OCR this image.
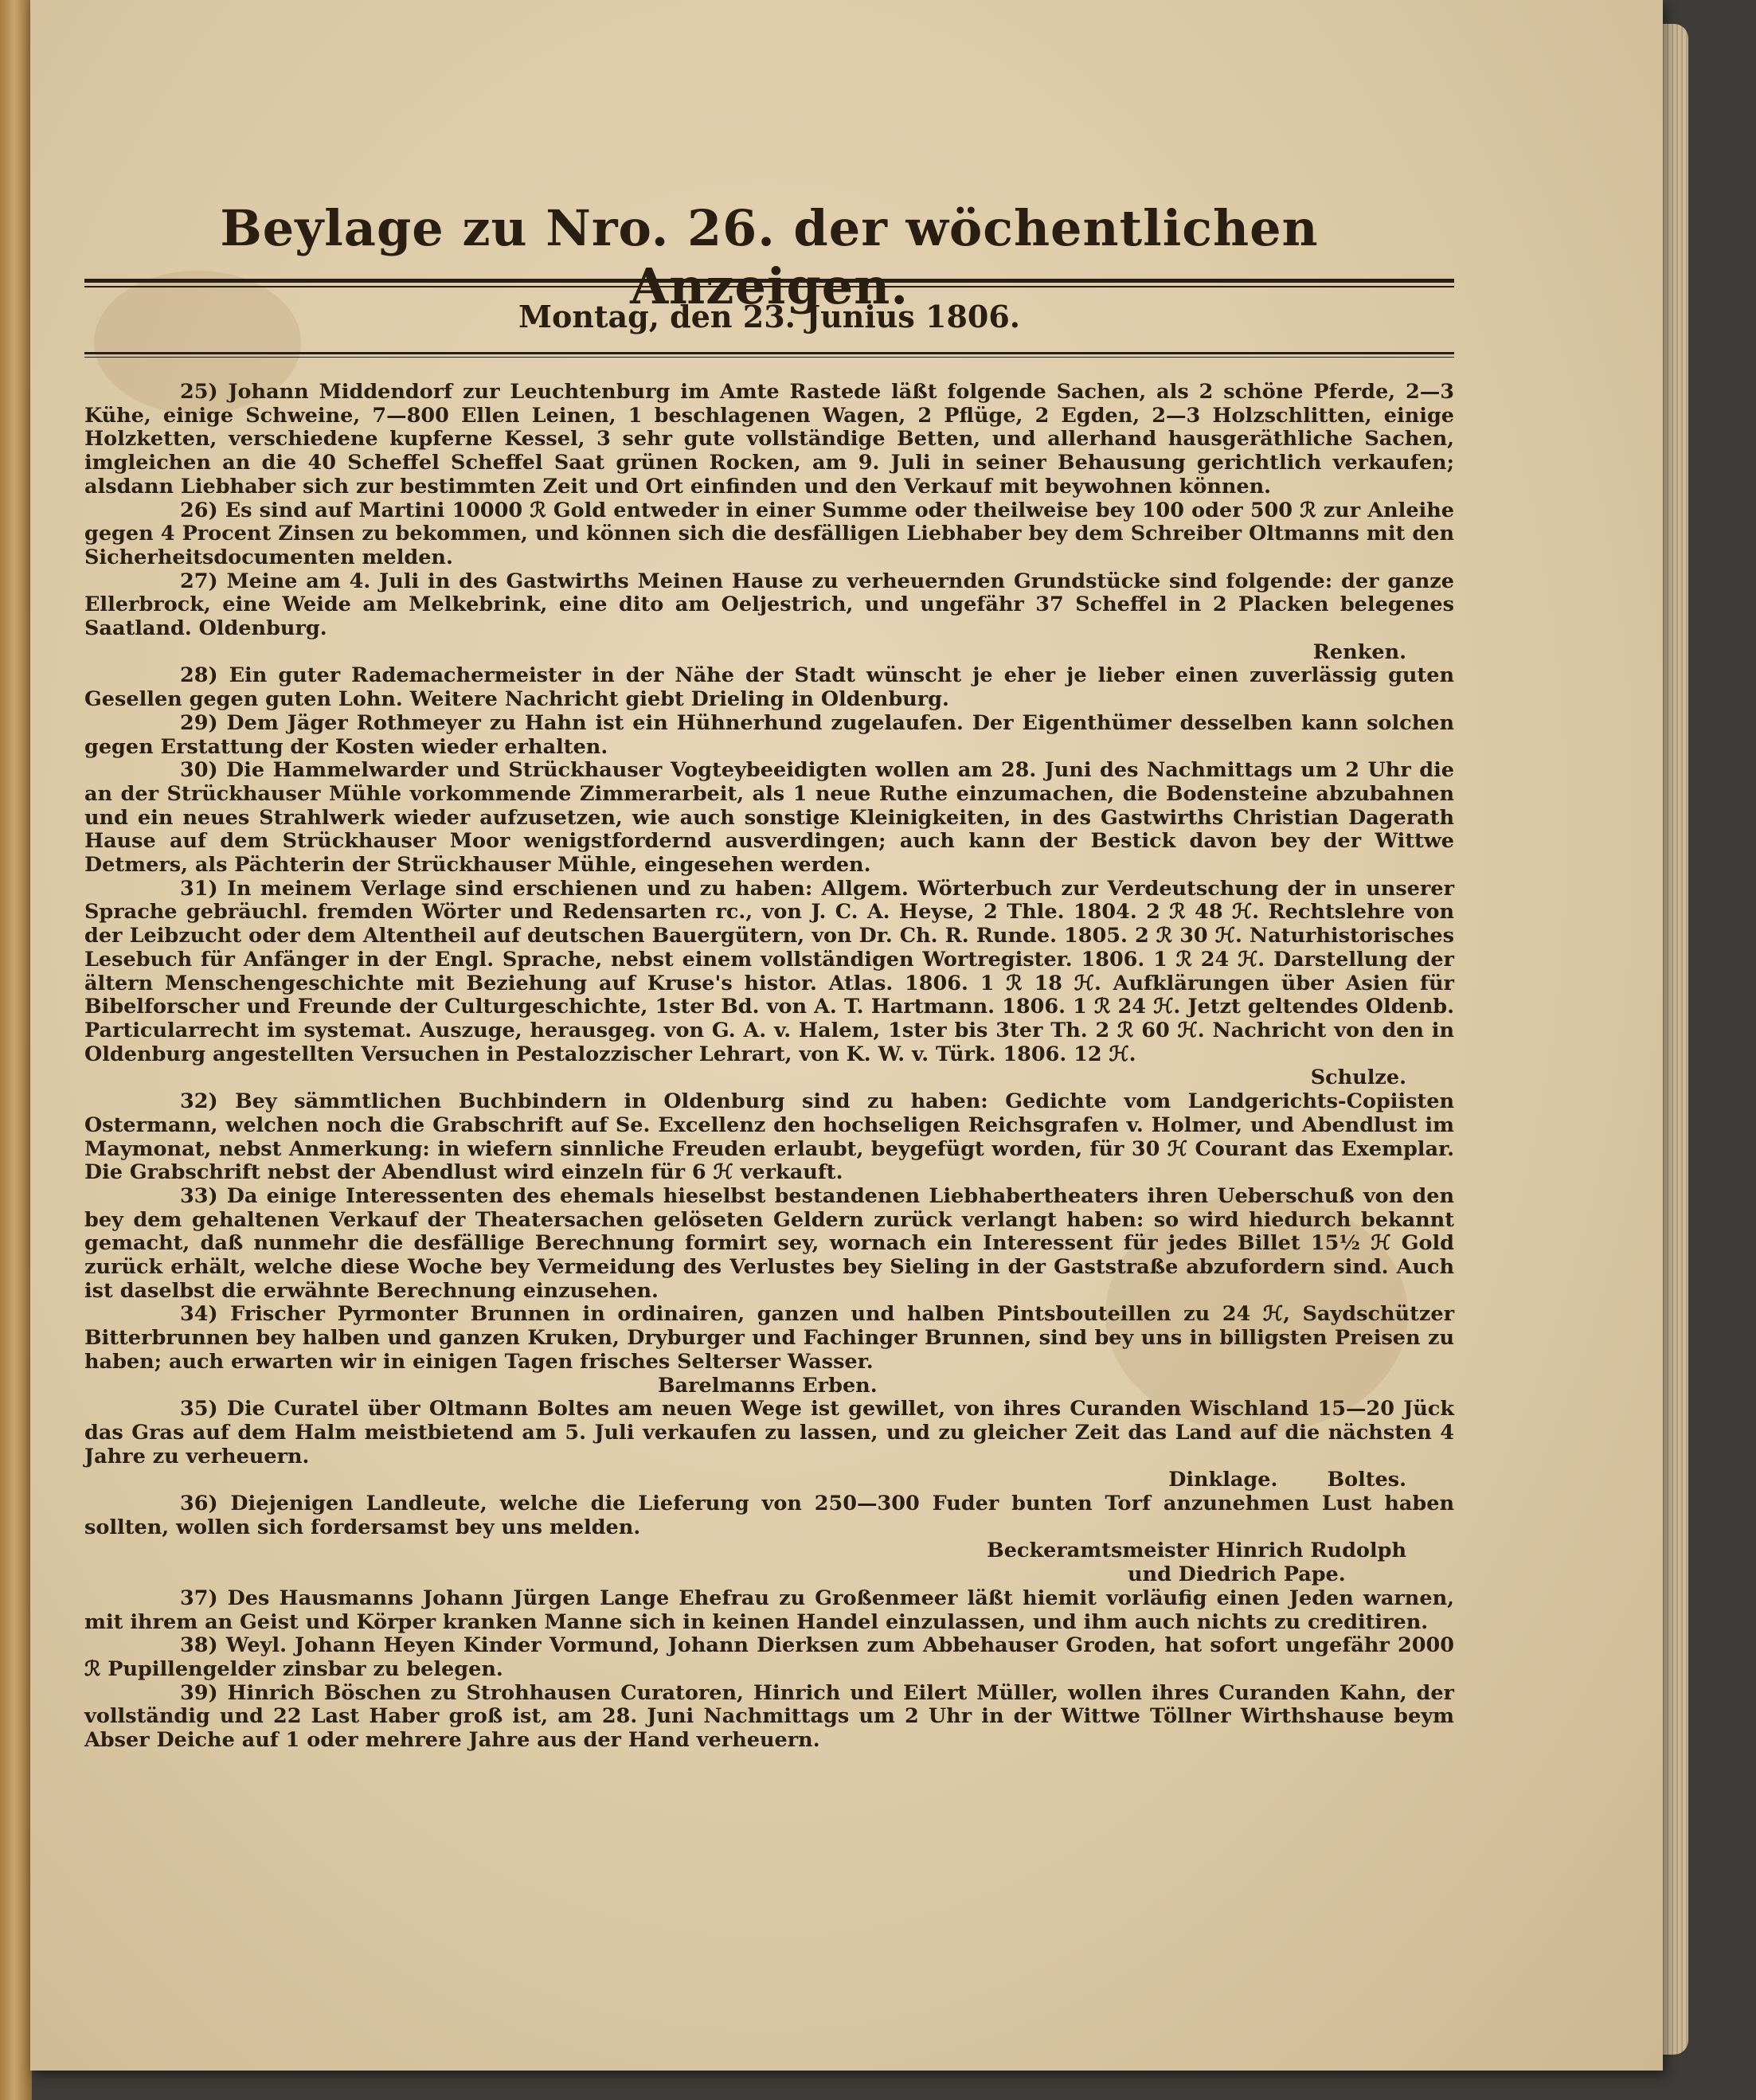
Beylage zu Nro. 26. der wöchentlichen
Montag, den 23. Junius 1806.

25) Johann Middendorf zur Leuchtenburg im Amte Rastede läßt folgende Sachen, als 2 schöne Pferde, 2—3 Kühe, einige Schweine, 7—800 Ellen Leinen, 1 beschlagenen Wagen, 2 Pflüge, 2 Egden, 2—3 Holzschlitten, einige Holzketten, verschiedene kupferne Kessel, 3 sehr gute vollständige Betten, und allerhand hausgeräthliche Sachen, imgleichen an die 40 Scheffel Scheffel Saat grünen Rocken, am 9. Juli in seiner Behausung gerichtlich verkaufen; alsdann Liebhaber sich zur bestimmten Zeit und Ort einfinden und den Verkauf mit beywohnen können.

26) Es sind auf Martini 10000 ℛ Gold entweder in einer Summe oder theilweise bey 100 oder 500 ℛ zur Anleihe gegen 4 Procent Zinsen zu bekommen, und können sich die desfälligen Liebhaber bey dem Schreiber Oltmanns mit den Sicherheitsdocumenten melden.

27) Meine am 4. Juli in des Gastwirths Meinen Hause zu verheuernden Grundstücke sind folgende: der ganze Ellerbrock, eine Weide am Melkebrink, eine dito am Oeljestrich, und ungefähr 37 Scheffel in 2 Placken belegenes Saatland. Oldenburg.

Renken.

28) Ein guter Rademachermeister in der Nähe der Stadt wünscht je eher je lieber einen zuverlässig guten Gesellen gegen guten Lohn. Weitere Nachricht giebt Drieling in Oldenburg.

29) Dem Jäger Rothmeyer zu Hahn ist ein Hühnerhund zugelaufen. Der Eigenthümer desselben kann solchen gegen Erstattung der Kosten wieder erhalten.

30) Die Hammelwarder und Strückhauser Vogteybeeidigten wollen am 28. Juni des Nachmittags um 2 Uhr die an der Strückhauser Mühle vorkommende Zimmerarbeit, als 1 neue Ruthe einzumachen, die Bodensteine abzubahnen und ein neues Strahlwerk wieder aufzusetzen, wie auch sonstige Kleinigkeiten, in des Gastwirths Christian Dagerath Hause auf dem Strückhauser Moor wenigstfordernd ausverdingen; auch kann der Bestick davon bey der Wittwe Detmers, als Pächterin der Strückhauser Mühle, eingesehen werden.

31) In meinem Verlage sind erschienen und zu haben: Allgem. Wörterbuch zur Verdeutschung der in unserer Sprache gebräuchl. fremden Wörter und Redensarten rc., von J. C. A. Heyse, 2 Thle. 1804. 2 ℛ 48 ℋ. Rechtslehre von der Leibzucht oder dem Altentheil auf deutschen Bauergütern, von Dr. Ch. R. Runde. 1805. 2 ℛ 30 ℋ. Naturhistorisches Lesebuch für Anfänger in der Engl. Sprache, nebst einem vollständigen Wortregister. 1806. 1 ℛ 24 ℋ. Darstellung der ältern Menschengeschichte mit Beziehung auf Kruse's histor. Atlas. 1806. 1 ℛ 18 ℋ. Aufklärungen über Asien für Bibelforscher und Freunde der Culturgeschichte, 1ster Bd. von A. T. Hartmann. 1806. 1 ℛ 24 ℋ. Jetzt geltendes Oldenb. Particularrecht im systemat. Auszuge, herausgeg. von G. A. v. Halem, 1ster bis 3ter Th. 2 ℛ 60 ℋ. Nachricht von den in Oldenburg angestellten Versuchen in Pestalozzischer Lehrart, von K. W. v. Türk. 1806. 12 ℋ.

Schulze.

32) Bey sämmtlichen Buchbindern in Oldenburg sind zu haben: Gedichte vom Landgerichts-Copiisten Ostermann, welchen noch die Grabschrift auf Se. Excellenz den hochseligen Reichsgrafen v. Holmer, und Abendlust im Maymonat, nebst Anmerkung: in wiefern sinnliche Freuden erlaubt, beygefügt worden, für 30 ℋ Courant das Exemplar. Die Grabschrift nebst der Abendlust wird einzeln für 6 ℋ verkauft.

33) Da einige Interessenten des ehemals hieselbst bestandenen Liebhabertheaters ihren Ueberschuß von den bey dem gehaltenen Verkauf der Theatersachen gelöseten Geldern zurück verlangt haben: so wird hiedurch bekannt gemacht, daß nunmehr die desfällige Berechnung formirt sey, wornach ein Interessent für jedes Billet 15½ ℋ Gold zurück erhält, welche diese Woche bey Vermeidung des Verlustes bey Sieling in der Gaststraße abzufordern sind. Auch ist daselbst die erwähnte Berechnung einzusehen.

34) Frischer Pyrmonter Brunnen in ordinairen, ganzen und halben Pintsbouteillen zu 24 ℋ, Saydschützer Bitterbrunnen bey halben und ganzen Kruken, Dryburger und Fachinger Brunnen, sind bey uns in billigsten Preisen zu haben; auch erwarten wir in einigen Tagen frisches Selterser Wasser.

Barelmanns Erben.

35) Die Curatel über Oltmann Boltes am neuen Wege ist gewillet, von ihres Curanden Wischland 15—20 Jück das Gras auf dem Halm meistbietend am 5. Juli verkaufen zu lassen, und zu gleicher Zeit das Land auf die nächsten 4 Jahre zu verheuern.

Dinklage.       Boltes.

36) Diejenigen Landleute, welche die Lieferung von 250—300 Fuder bunten Torf anzunehmen Lust haben sollten, wollen sich fordersamst bey uns melden.

Beckeramtsmeister Hinrich Rudolph

und Diedrich Pape.

37) Des Hausmanns Johann Jürgen Lange Ehefrau zu Großenmeer läßt hiemit vorläufig einen Jeden warnen, mit ihrem an Geist und Körper kranken Manne sich in keinen Handel einzulassen, und ihm auch nichts zu creditiren.

38) Weyl. Johann Heyen Kinder Vormund, Johann Dierksen zum Abbehauser Groden, hat sofort ungefähr 2000 ℛ Pupillengelder zinsbar zu belegen.

39) Hinrich Böschen zu Strohhausen Curatoren, Hinrich und Eilert Müller, wollen ihres Curanden Kahn, der vollständig und 22 Last Haber groß ist, am 28. Juni Nachmittags um 2 Uhr in der Wittwe Töllner Wirthshause beym Abser Deiche auf 1 oder mehrere Jahre aus der Hand verheuern.
